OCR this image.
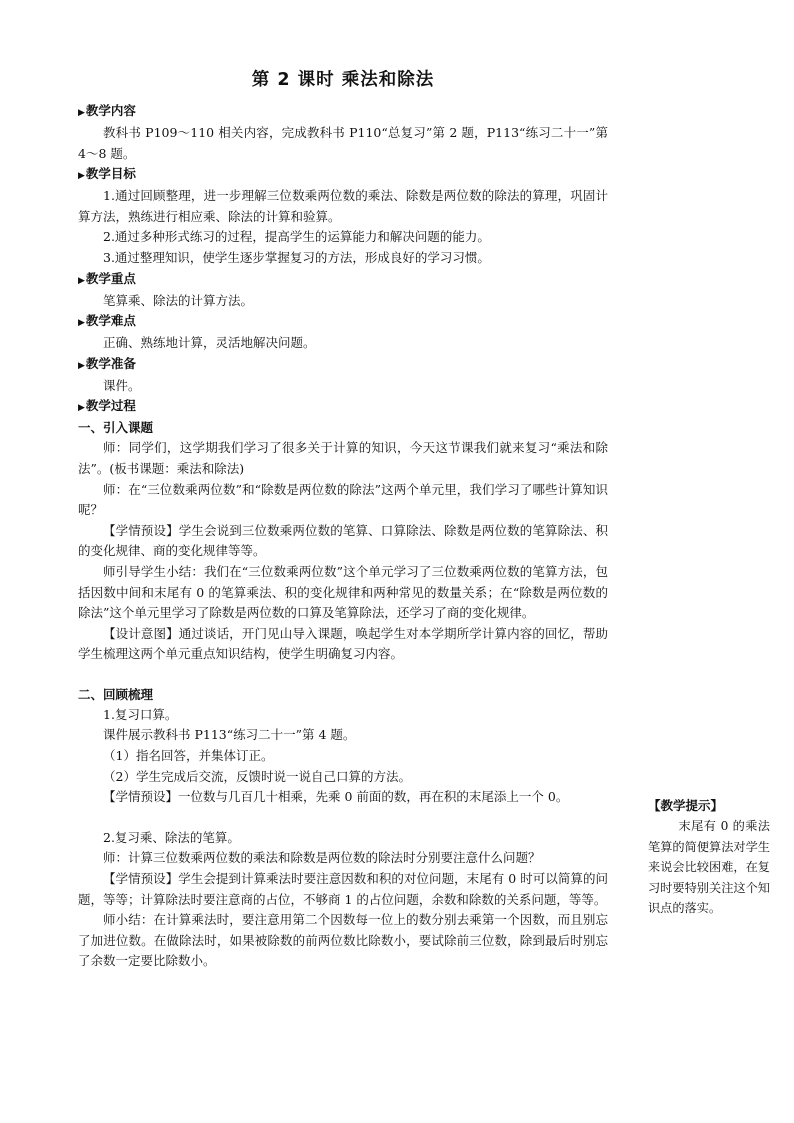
第 2 课时 乘法和除法
▶教学内容

教科书 P109～110 相关内容，完成教科书 P110“总复习”第 2 题，P113“练习二十一”第 4～8 题。

▶教学目标

1.通过回顾整理，进一步理解三位数乘两位数的乘法、除数是两位数的除法的算理，巩固计算方法，熟练进行相应乘、除法的计算和验算。

2.通过多种形式练习的过程，提高学生的运算能力和解决问题的能力。

3.通过整理知识，使学生逐步掌握复习的方法，形成良好的学习习惯。

▶教学重点

笔算乘、除法的计算方法。

▶教学难点

正确、熟练地计算，灵活地解决问题。

▶教学准备

课件。

▶教学过程
一、引入课题

师：同学们，这学期我们学习了很多关于计算的知识，今天这节课我们就来复习“乘法和除法”。(板书课题：乘法和除法)

师：在“三位数乘两位数”和“除数是两位数的除法”这两个单元里，我们学习了哪些计算知识呢？

【学情预设】学生会说到三位数乘两位数的笔算、口算除法、除数是两位数的笔算除法、积的变化规律、商的变化规律等等。

师引导学生小结：我们在“三位数乘两位数”这个单元学习了三位数乘两位数的笔算方法，包括因数中间和末尾有 0 的笔算乘法、积的变化规律和两种常见的数量关系；在“除数是两位数的除法”这个单元里学习了除数是两位数的口算及笔算除法，还学习了商的变化规律。

【设计意图】通过谈话，开门见山导入课题，唤起学生对本学期所学计算内容的回忆，帮助学生梳理这两个单元重点知识结构，使学生明确复习内容。

二、回顾梳理

1.复习口算。

课件展示教科书 P113“练习二十一”第 4 题。

（1）指名回答，并集体订正。

（2）学生完成后交流，反馈时说一说自己口算的方法。

【学情预设】一位数与几百几十相乘，先乘 0 前面的数，再在积的末尾添上一个 0。

2.复习乘、除法的笔算。

师：计算三位数乘两位数的乘法和除数是两位数的除法时分别要注意什么问题？

【学情预设】学生会提到计算乘法时要注意因数和积的对位问题，末尾有 0 时可以简算的问题，等等；计算除法时要注意商的占位，不够商 1 的占位问题，余数和除数的关系问题，等等。

师小结：在计算乘法时，要注意用第二个因数每一位上的数分别去乘第一个因数，而且别忘了加进位数。在做除法时，如果被除数的前两位数比除数小，要试除前三位数，除到最后时别忘了余数一定要比除数小。

【教学提示】
末尾有 0 的乘法笔算的简便算法对学生来说会比较困难，在复习时要特别关注这个知识点的落实。
